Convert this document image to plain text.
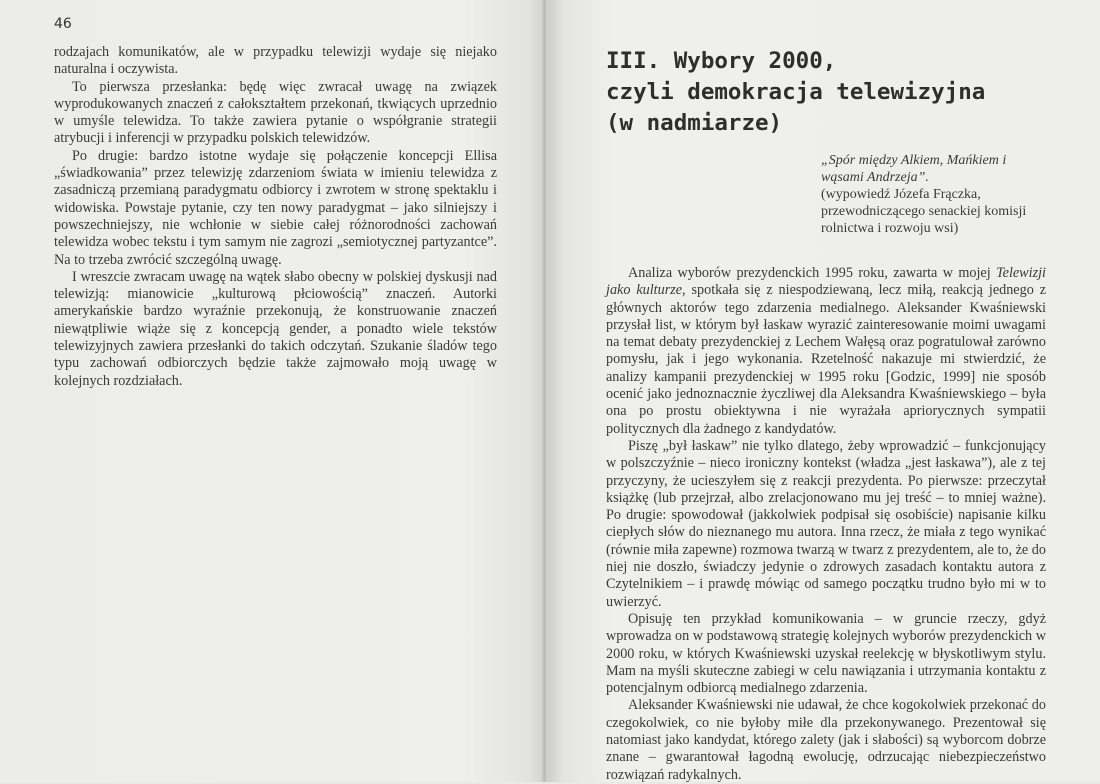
46

rodzajach komunikatów, ale w przypadku telewizji wydaje się niejako naturalna i oczywista.

To pierwsza przesłanka: będę więc zwracał uwagę na związek wyprodukowanych znaczeń z całokształtem przekonań, tkwiących uprzednio w umyśle telewidza. To także zawiera pytanie o współgranie strategii atrybucji i inferencji w przypadku polskich telewidzów.

Po drugie: bardzo istotne wydaje się połączenie koncepcji Ellisa „świadkowania” przez telewizję zdarzeniom świata w imieniu telewidza z zasadniczą przemianą paradygmatu odbiorcy i zwrotem w stronę spektaklu i widowiska. Powstaje pytanie, czy ten nowy paradygmat – jako silniejszy i powszechniejszy, nie wchłonie w siebie całej różnorodności zachowań telewidza wobec tekstu i tym samym nie zagrozi „semiotycznej partyzantce”. Na to trzeba zwrócić szczególną uwagę.

I wreszcie zwracam uwagę na wątek słabo obecny w polskiej dyskusji nad telewizją: mianowicie „kulturową płciowością” znaczeń. Autorki amerykańskie bardzo wyraźnie przekonują, że konstruowanie znaczeń niewątpliwie wiąże się z koncepcją gender, a ponadto wiele tekstów telewizyjnych zawiera przesłanki do takich odczytań. Szukanie śladów tego typu zachowań odbiorczych będzie także zajmowało moją uwagę w kolejnych rozdziałach.

III. Wybory 2000,
czyli demokracja telewizyjna
(w nadmiarze)
„Spór między Alkiem, Mańkiem i wąsami Andrzeja”.
(wypowiedź Józefa Frączka, przewodniczącego senackiej komisji rolnictwa i rozwoju wsi)

Analiza wyborów prezydenckich 1995 roku, zawarta w mojej Telewizji jako kulturze, spotkała się z niespodziewaną, lecz miłą, reakcją jednego z głównych aktorów tego zdarzenia medialnego. Aleksander Kwaśniewski przysłał list, w którym był łaskaw wyrazić zainteresowanie moimi uwagami na temat debaty prezydenckiej z Lechem Wałęsą oraz pogratulował zarówno pomysłu, jak i jego wykonania. Rzetelność nakazuje mi stwierdzić, że analizy kampanii prezydenckiej w 1995 roku [Godzic, 1999] nie sposób ocenić jako jednoznacznie życzliwej dla Aleksandra Kwaśniewskiego – była ona po prostu obiektywna i nie wyrażała apriorycznych sympatii politycznych dla żadnego z kandydatów.

Piszę „był łaskaw” nie tylko dlatego, żeby wprowadzić – funkcjonujący w polszczyźnie – nieco ironiczny kontekst (władza „jest łaskawa”), ale z tej przyczyny, że ucieszyłem się z reakcji prezydenta. Po pierwsze: przeczytał książkę (lub przejrzał, albo zrelacjonowano mu jej treść – to mniej ważne). Po drugie: spowodował (jakkolwiek podpisał się osobiście) napisanie kilku ciepłych słów do nieznanego mu autora. Inna rzecz, że miała z tego wynikać (równie miła zapewne) rozmowa twarzą w twarz z prezydentem, ale to, że do niej nie doszło, świadczy jedynie o zdrowych zasadach kontaktu autora z Czytelnikiem – i prawdę mówiąc od samego początku trudno było mi w to uwierzyć.

Opisuję ten przykład komunikowania – w gruncie rzeczy, gdyż wprowadza on w podstawową strategię kolejnych wyborów prezydenckich w 2000 roku, w których Kwaśniewski uzyskał reelekcję w błyskotliwym stylu. Mam na myśli skuteczne zabiegi w celu nawiązania i utrzymania kontaktu z potencjalnym odbiorcą medialnego zdarzenia.

Aleksander Kwaśniewski nie udawał, że chce kogokolwiek przekonać do czegokolwiek, co nie byłoby miłe dla przekonywanego. Prezentował się natomiast jako kandydat, którego zalety (jak i słabości) są wyborcom dobrze znane – gwarantował łagodną ewolucję, odrzucając niebezpieczeństwo rozwiązań radykalnych.
